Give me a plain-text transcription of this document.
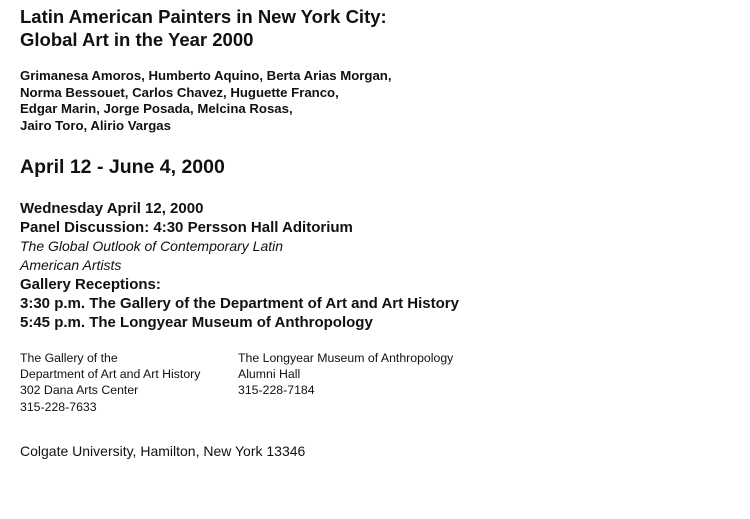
Latin American Painters in New York City:
Global Art in the Year 2000
Grimanesa Amoros, Humberto Aquino, Berta Arias Morgan,
Norma Bessouet, Carlos Chavez, Huguette Franco,
Edgar Marin, Jorge Posada, Melcina Rosas,
Jairo Toro, Alirio Vargas
April 12 - June 4, 2000
Wednesday April 12, 2000
Panel Discussion: 4:30 Persson Hall Aditorium
The Global Outlook of Contemporary Latin
American Artists
Gallery Receptions:
3:30 p.m. The Gallery of the Department of Art and Art History
5:45 p.m. The Longyear Museum of Anthropology
The Gallery of the
Department of Art and Art History
302 Dana Arts Center
315-228-7633
The Longyear Museum of Anthropology
Alumni Hall
315-228-7184
Colgate University, Hamilton, New York 13346
